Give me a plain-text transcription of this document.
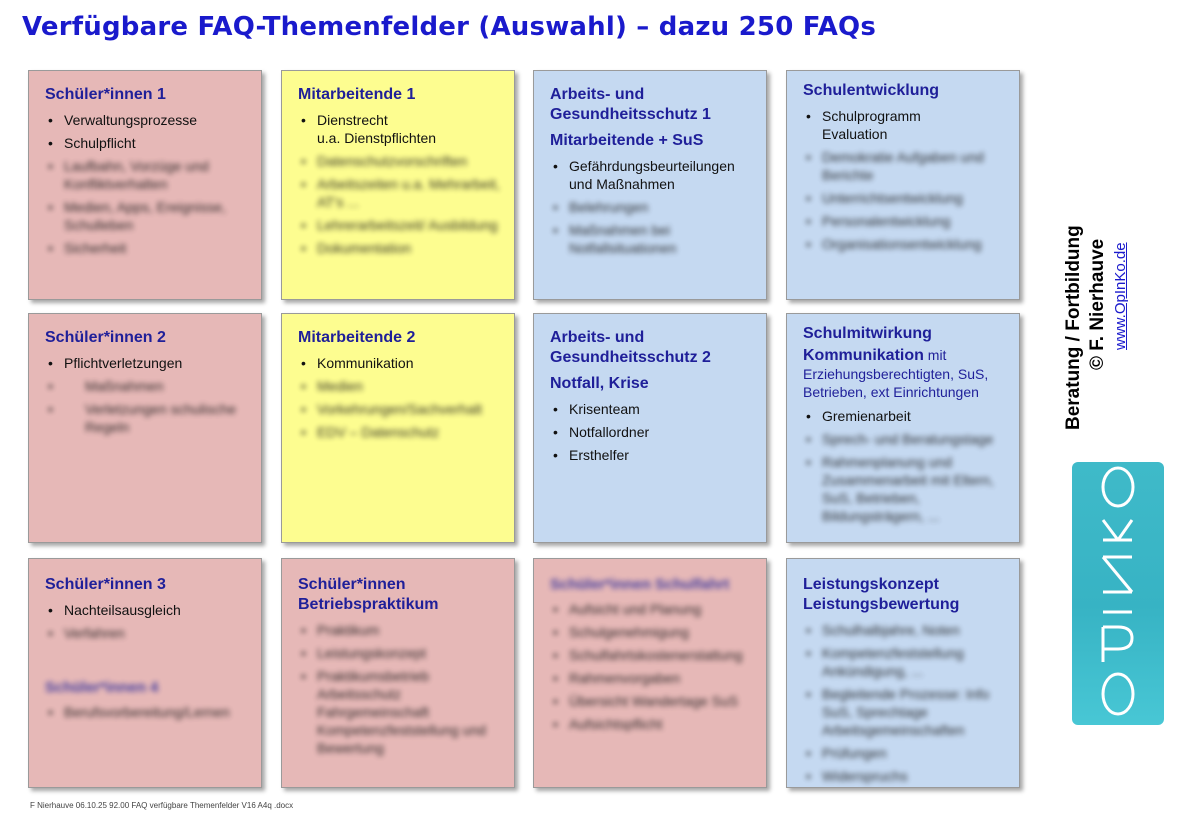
Verfügbare FAQ-Themenfelder (Auswahl) – dazu 250 FAQs
Schüler*innen 1
• Verwaltungsprozesse
• Schulpflicht
• Laufbahn, Vorzüge und Konfliktverhalten
• Medien, Apps, Ereignisse, Schulleben
• Sicherheit
Mitarbeitende 1
• Dienstrecht
u.a. Dienstpflichten
• Datenschutzvorschriften
• Arbeitszeiten u.a. Mehrarbeit, AT's ...
• Lehrerarbeitszeit/ Ausbildung
• Dokumentation
Arbeits- und Gesundheitsschutz 1
Mitarbeitende + SuS
• Gefährdungsbeurteilungen und Maßnahmen
• Belehrungen
• Maßnahmen bei Notfallsituationen
Schulentwicklung
• Schulprogramm
Evaluation
• Demokratie Aufgaben und Berichte
• Unterrichtsentwicklung
• Personalentwicklung
• Organisationsentwicklung
Schüler*innen 2
• Pflichtverletzungen
• Maßnahmen
• Verletzungen schulische Regeln
Mitarbeitende 2
• Kommunikation
• Medien
• Vorkehrungen/Sachverhalt
• EDV – Datenschutz
Arbeits- und Gesundheitsschutz 2
Notfall, Krise
• Krisenteam
• Notfallordner
• Ersthelfer
Schulmitwirkung
Kommunikation mit Erziehungsberechtigten, SuS, Betrieben, ext Einrichtungen
• Gremienarbeit
• Sprech- und Beratungstage
• Rahmenplanung und Zusammenarbeit mit Eltern, SuS, Betrieben, Bildungsträgern, ...
Schüler*innen 3
• Nachteilsausgleich
• Verfahren
Schüler*innen 4
• Berufsvorbereitung/Lernen
Schüler*innen Betriebspraktikum
• Praktikum
• Leistungskonzept
• Praktikumsbetrieb Arbeitsschutz Fahrgemeinschaft Kompetenzfeststellung und Bewertung
Schüler*innen Schulfahrt
• Aufsicht und Planung
• Schulgenehmigung
• Schulfahrtskostenerstattung
• Rahmenvorgaben
• Übersicht Wandertage SuS
• Aufsichtspflicht
Leistungskonzept Leistungsbewertung
• Schulhalbjahre, Noten
• Kompetenzfeststellung Ankündigung, ...
• Begleitende Prozesse: Info SuS, Sprechtage Arbeitsgemeinschaften
• Prüfungen
• Widerspruchs
Beratung / Fortbildung © F. Nierhauve www.OpInKo.de
F Nierhauve 06.10.25 92.00 FAQ verfügbare Themenfelder V16 A4q .docx
